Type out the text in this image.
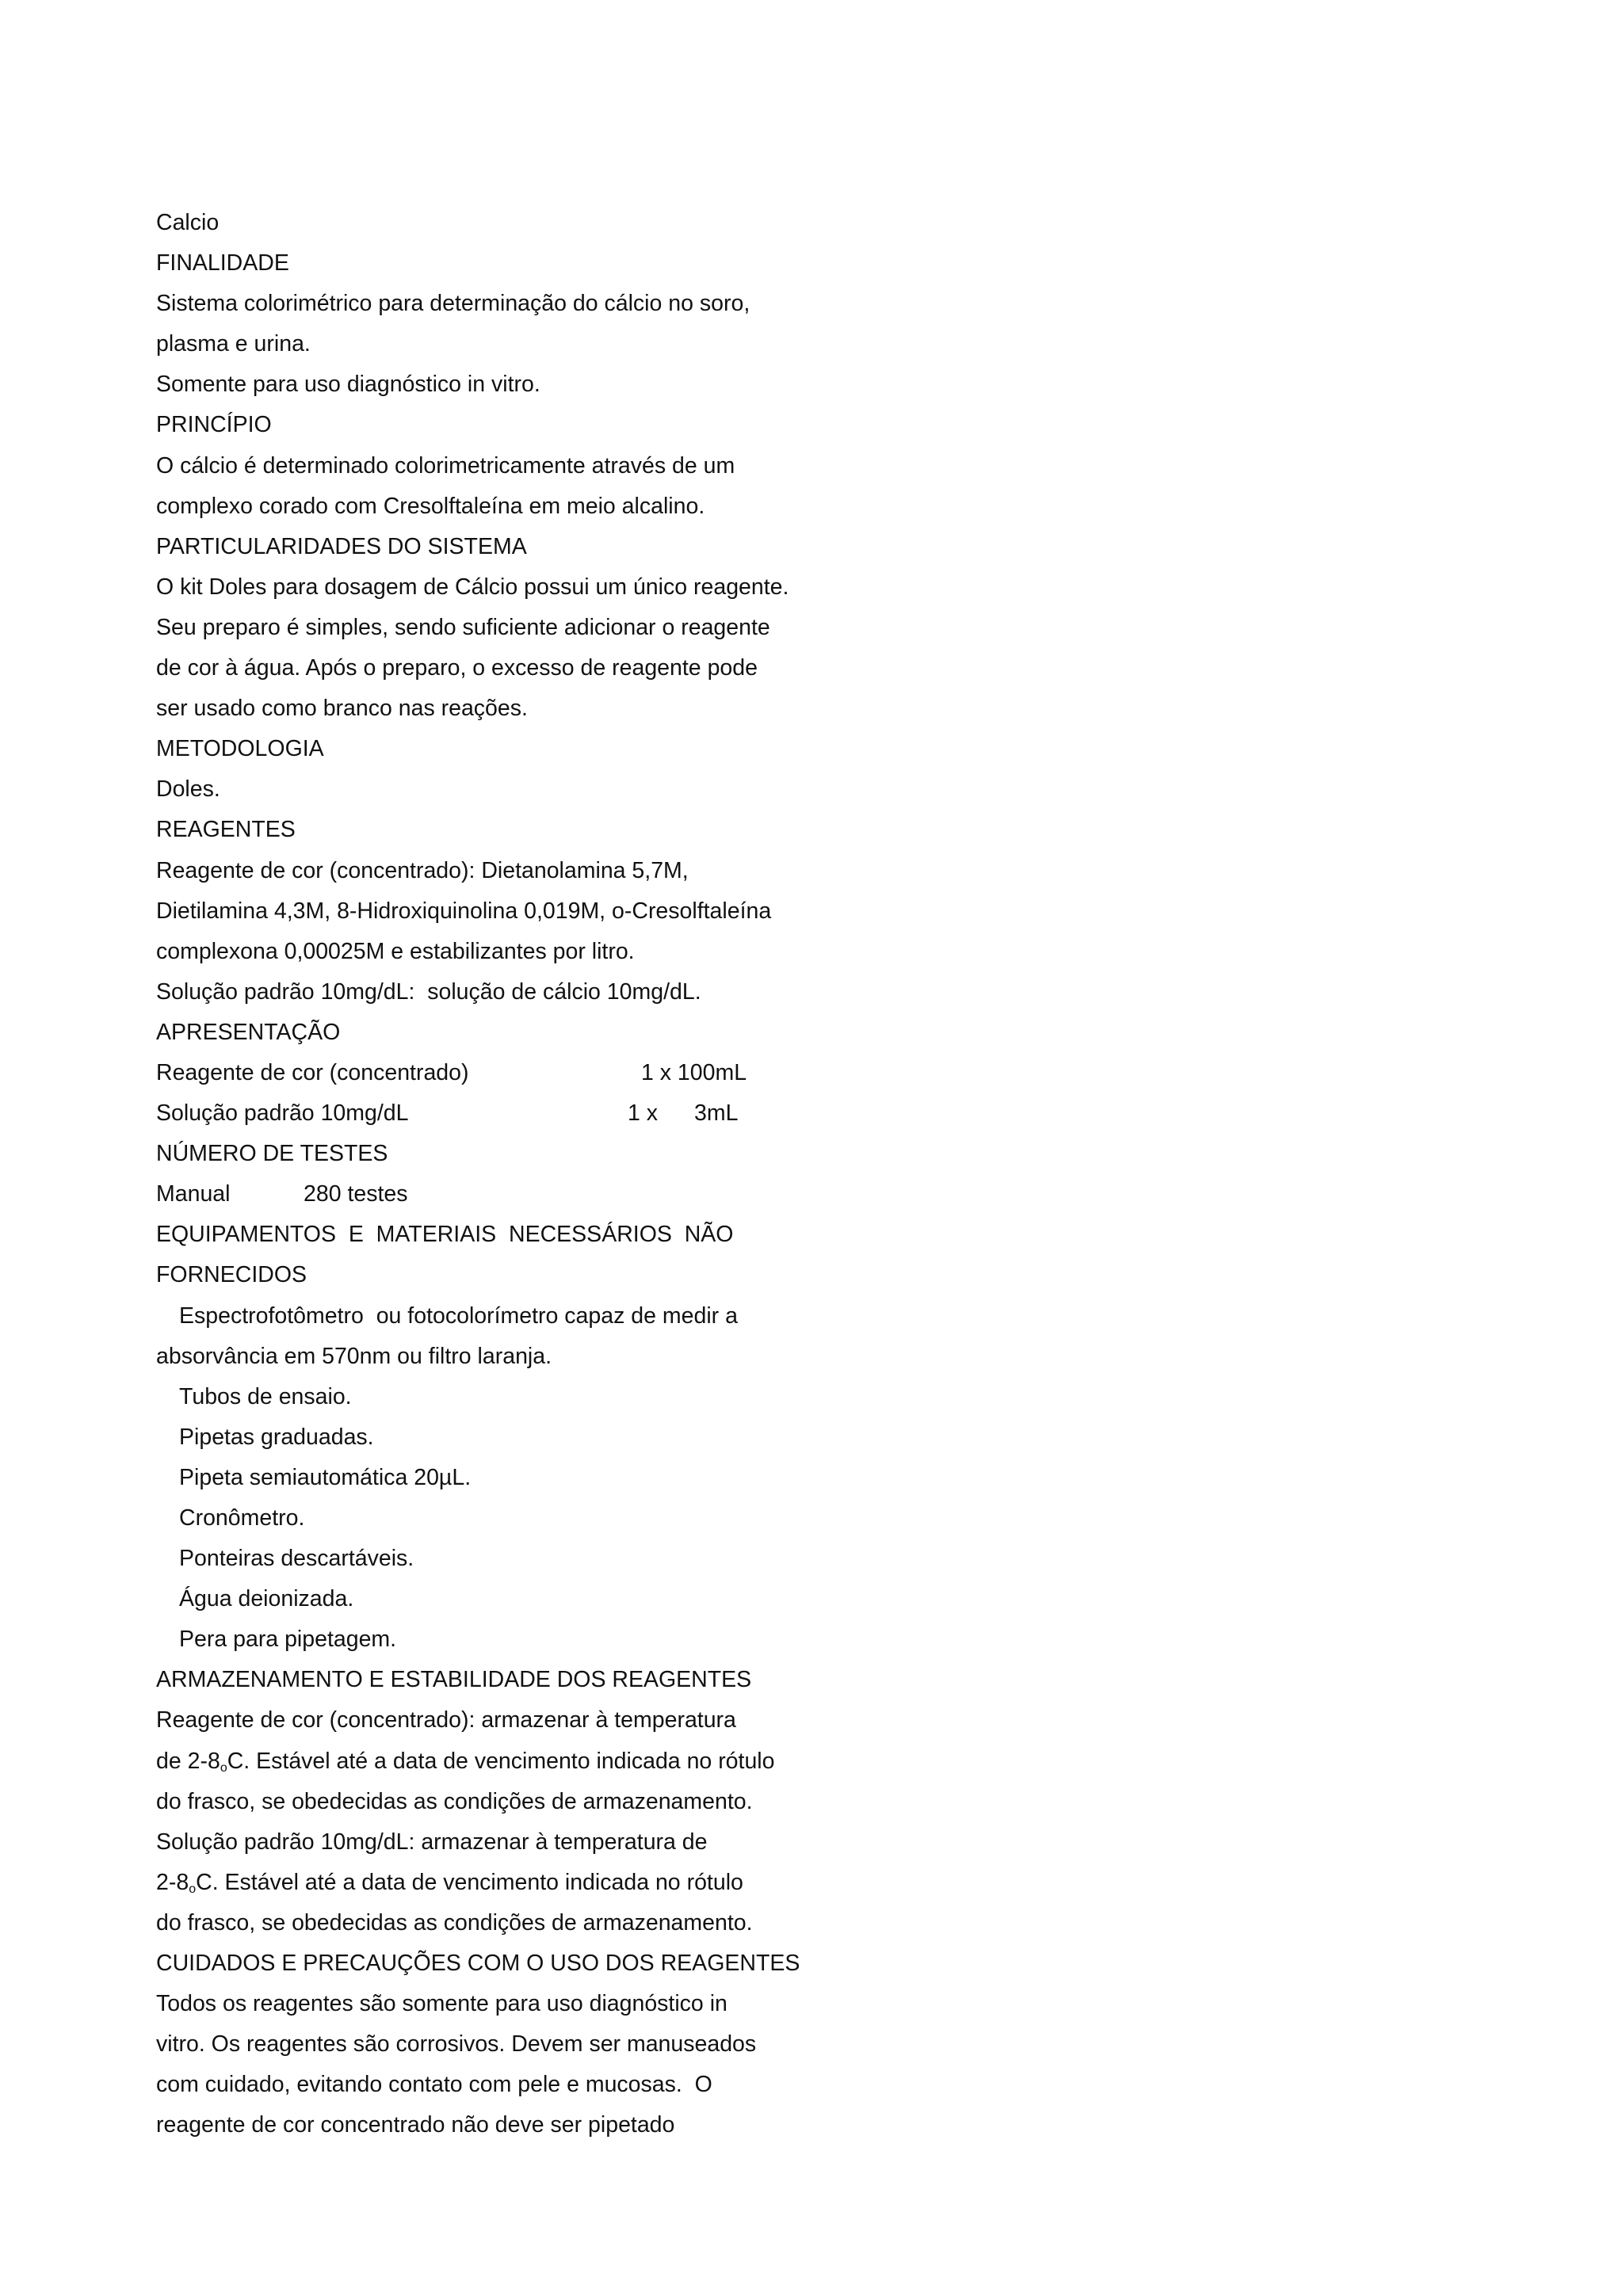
Calcio
FINALIDADE
Sistema colorimétrico para determinação do cálcio no soro,
plasma e urina.
Somente para uso diagnóstico in vitro.
PRINCÍPIO
O cálcio é determinado colorimetricamente através de um
complexo corado com Cresolftaleína em meio alcalino.
PARTICULARIDADES DO SISTEMA
O kit Doles para dosagem de Cálcio possui um único reagente.
Seu preparo é simples, sendo suficiente adicionar o reagente
de cor à água. Após o preparo, o excesso de reagente pode
ser usado como branco nas reações.
METODOLOGIA
Doles.
REAGENTES
Reagente de cor (concentrado): Dietanolamina 5,7M,
Dietilamina 4,3M, 8-Hidroxiquinolina 0,019M, o-Cresolftaleína
complexona 0,00025M e estabilizantes por litro.
Solução padrão 10mg/dL:  solução de cálcio 10mg/dL.
APRESENTAÇÃO
Reagente de cor (concentrado)	1 x 100mL
Solução padrão 10mg/dL	1 x 3mL
NÚMERO DE TESTES
Manual	280 testes
EQUIPAMENTOS  E  MATERIAIS  NECESSÁRIOS  NÃO
FORNECIDOS
Espectrofotômetro  ou fotocolorímetro capaz de medir a
absorvância em 570nm ou filtro laranja.
Tubos de ensaio.
Pipetas graduadas.
Pipeta semiautomática 20µL.
Cronômetro.
Ponteiras descartáveis.
Água deionizada.
Pera para pipetagem.
ARMAZENAMENTO E ESTABILIDADE DOS REAGENTES
Reagente de cor (concentrado): armazenar à temperatura
de $2-8_oC$. Estável até a data de vencimento indicada no rótulo
do frasco, se obedecidas as condições de armazenamento.
Solução padrão 10mg/dL: armazenar à temperatura de
$2-8_oC$. Estável até a data de vencimento indicada no rótulo
do frasco, se obedecidas as condições de armazenamento.
CUIDADOS E PRECAUÇÕES COM O USO DOS REAGENTES
Todos os reagentes são somente para uso diagnóstico in
vitro. Os reagentes são corrosivos. Devem ser manuseados
com cuidado, evitando contato com pele e mucosas.  O
reagente de cor concentrado não deve ser pipetado
